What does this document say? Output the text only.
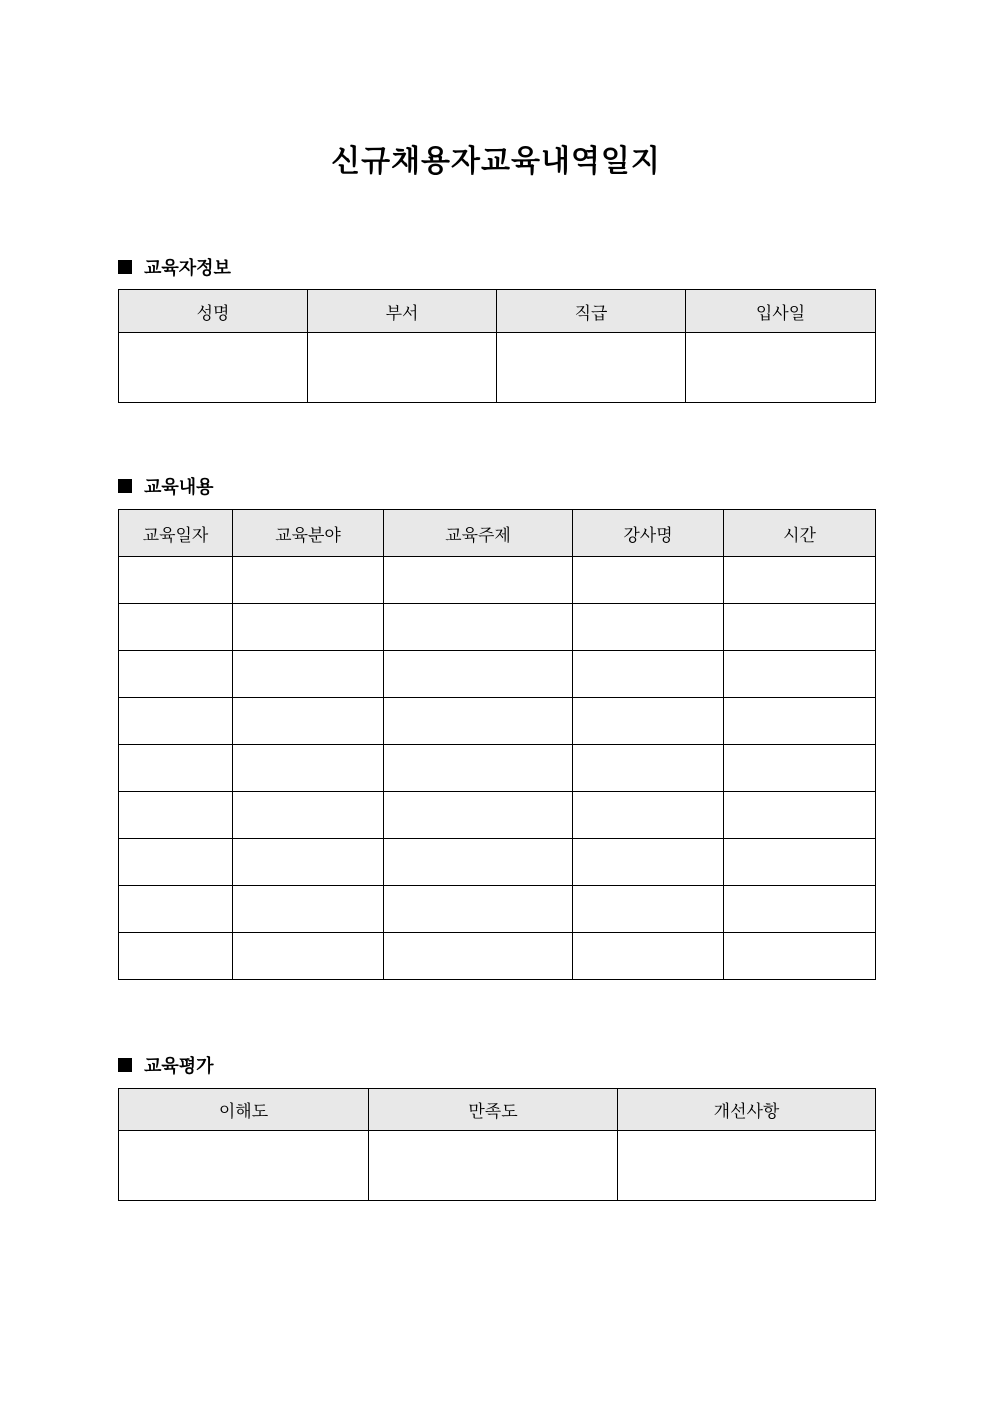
신규채용자교육내역일지
교육자정보
성명	부서	직급	입사일

교육내용
교육일자	교육분야	교육주제	강사명	시간

교육평가
이해도	만족도	개선사항
